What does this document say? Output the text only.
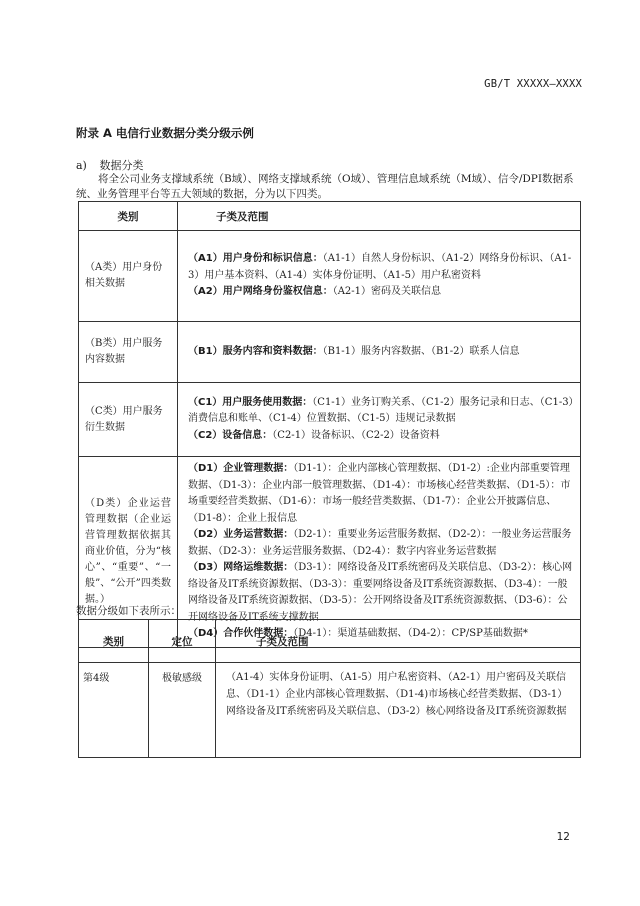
GB/T XXXXX—XXXX
附录 A 电信行业数据分类分级示例
a) 数据分类
将全公司业务支撑域系统（B域）、网络支撑域系统（O域）、管理信息域系统（M域）、信令/DPI数据系统、业务管理平台等五大领域的数据，分为以下四类。
类别	子类及范围
（A类）用户身份相关数据	（A1）用户身份和标识信息：（A1-1）自然人身份标识、（A1-2）网络身份标识、（A1-3）用户基本资料、（A1-4）实体身份证明、（A1-5）用户私密资料
（A2）用户网络身份鉴权信息：（A2-1）密码及关联信息

（B类）用户服务内容数据	（B1）服务内容和资料数据：（B1-1）服务内容数据、（B1-2）联系人信息

（C类）用户服务衍生数据	（C1）用户服务使用数据：（C1-1）业务订购关系、（C1-2）服务记录和日志、（C1-3）消费信息和账单、（C1-4）位置数据、（C1-5）违规记录数据
（C2）设备信息：（C2-1）设备标识、（C2-2）设备资料

（D类）企业运营管理数据（企业运营管理数据依据其商业价值，分为“核心”、“重要”、“一般”、“公开”四类数据。）	（D1）企业管理数据：（D1-1）：企业内部核心管理数据、（D1-2）:企业内部重要管理数据、（D1-3）：企业内部一般管理数据、（D1-4）：市场核心经营类数据、（D1-5）：市场重要经营类数据、（D1-6）：市场一般经营类数据、（D1-7）：企业公开披露信息、（D1-8）：企业上报信息
（D2）业务运营数据：（D2-1）：重要业务运营服务数据、（D2-2）：一般业务运营服务数据、（D2-3）：业务运营服务数据、（D2-4）：数字内容业务运营数据
（D3）网络运维数据：（D3-1）：网络设备及IT系统密码及关联信息、（D3-2）：核心网络设备及IT系统资源数据、（D3-3）：重要网络设备及IT系统资源数据、（D3-4）：一般网络设备及IT系统资源数据、（D3-5）：公开网络设备及IT系统资源数据、（D3-6）：公开网络设备及IT系统支撑数据
（D4）合作伙伴数据：（D4-1）：渠道基础数据、（D4-2）：CP/SP基础数据*
数据分级如下表所示：
类别	定位	子类及范围
第4级	极敏感级	（A1-4）实体身份证明、（A1-5）用户私密资料、（A2-1）用户密码及关联信息、（D1-1）企业内部核心管理数据、（D1-4)市场核心经营类数据、（D3-1）网络设备及IT系统密码及关联信息、（D3-2）核心网络设备及IT系统资源数据
12
